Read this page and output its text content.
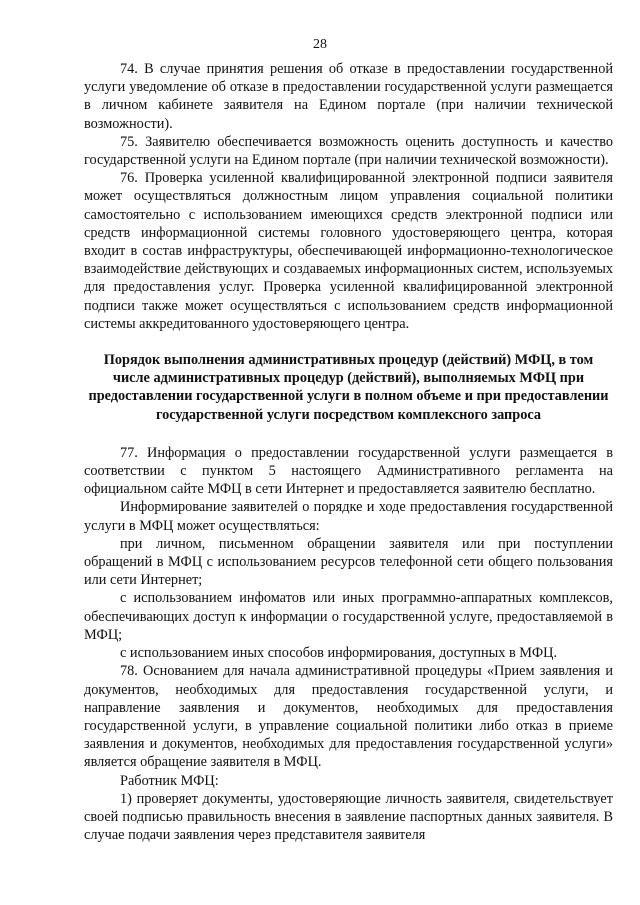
28

74. В случае принятия решения об отказе в предоставлении государственной услуги уведомление об отказе в предоставлении государственной услуги размещается в личном кабинете заявителя на Едином портале (при наличии технической возможности).

75. Заявителю обеспечивается возможность оценить доступность и качество государственной услуги на Едином портале (при наличии технической возможности).

76. Проверка усиленной квалифицированной электронной подписи заявителя может осуществляться должностным лицом управления социальной политики самостоятельно с использованием имеющихся средств электронной подписи или средств информационной системы головного удостоверяющего центра, которая входит в состав инфраструктуры, обеспечивающей информационно-технологическое взаимодействие действующих и создаваемых информационных систем, используемых для предоставления услуг. Проверка усиленной квалифицированной электронной подписи также может осуществляться с использованием средств информационной системы аккредитованного удостоверяющего центра.

Порядок выполнения административных процедур (действий) МФЦ, в том числе административных процедур (действий), выполняемых МФЦ при предоставлении государственной услуги в полном объеме и при предоставлении государственной услуги посредством комплексного запроса

77. Информация о предоставлении государственной услуги размещается в соответствии с пунктом 5 настоящего Административного регламента на официальном сайте МФЦ в сети Интернет и предоставляется заявителю бесплатно.

Информирование заявителей о порядке и ходе предоставления государственной услуги в МФЦ может осуществляться:

при личном, письменном обращении заявителя или при поступлении обращений в МФЦ с использованием ресурсов телефонной сети общего пользования или сети Интернет;

с использованием инфоматов или иных программно-аппаратных комплексов, обеспечивающих доступ к информации о государственной услуге, предоставляемой в МФЦ;

с использованием иных способов информирования, доступных в МФЦ.

78. Основанием для начала административной процедуры «Прием заявления и документов, необходимых для предоставления государственной услуги, и направление заявления и документов, необходимых для предоставления государственной услуги, в управление социальной политики либо отказ в приеме заявления и документов, необходимых для предоставления государственной услуги» является обращение заявителя в МФЦ.

Работник МФЦ:

1) проверяет документы, удостоверяющие личность заявителя, свидетельствует своей подписью правильность внесения в заявление паспортных данных заявителя. В случае подачи заявления через представителя заявителя
